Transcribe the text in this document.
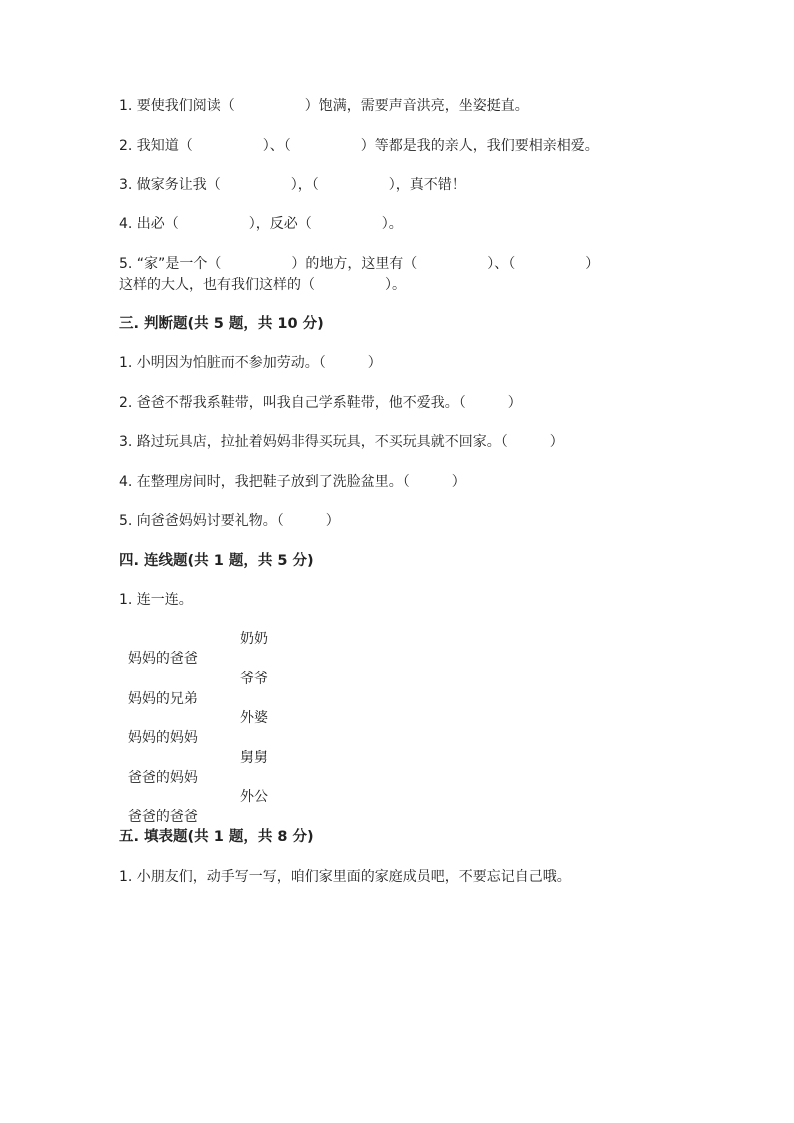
1. 要使我们阅读（　　　　　）饱满，需要声音洪亮，坐姿挺直。

2. 我知道（　　　　　）、（　　　　　）等都是我的亲人，我们要相亲相爱。

3. 做家务让我（　　　　　），（　　　　　），真不错！

4. 出必（　　　　　），反必（　　　　　）。

5. “家”是一个（　　　　　）的地方，这里有（　　　　　）、（　　　　　）

这样的大人，也有我们这样的（　　　　　）。

三. 判断题(共 5 题，共 10 分)

1. 小明因为怕脏而不参加劳动。（　　　）

2. 爸爸不帮我系鞋带，叫我自己学系鞋带，他不爱我。（　　　）

3. 路过玩具店，拉扯着妈妈非得买玩具，不买玩具就不回家。（　　　）

4. 在整理房间时，我把鞋子放到了洗脸盆里。（　　　）

5. 向爸爸妈妈讨要礼物。（　　　）

四. 连线题(共 1 题，共 5 分)

1. 连一连。

妈妈的爸爸

奶奶

妈妈的兄弟

爷爷

妈妈的妈妈

外婆

爸爸的妈妈

舅舅

爸爸的爸爸

外公

五. 填表题(共 1 题，共 8 分)

1. 小朋友们，动手写一写，咱们家里面的家庭成员吧，不要忘记自己哦。
